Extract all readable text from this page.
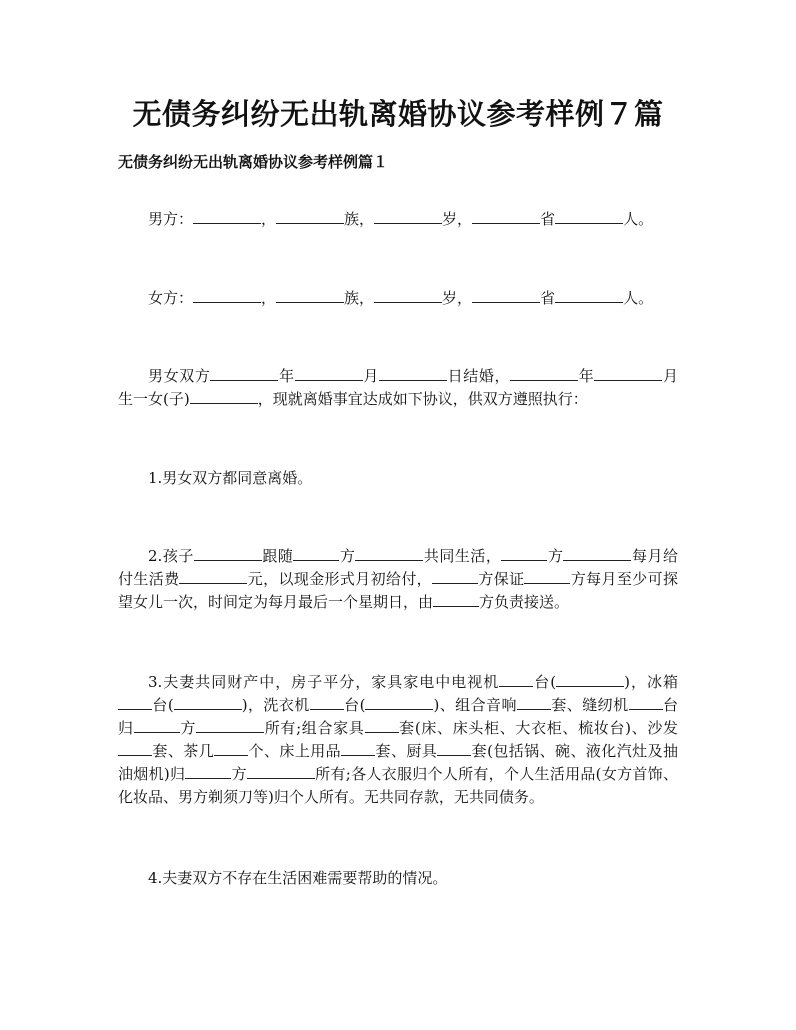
无债务纠纷无出轨离婚协议参考样例７篇
无债务纠纷无出轨离婚协议参考样例篇１

男方：	，	族，	岁，	省	人。

女方：	，	族，	岁，	省	人。

男女双方	年	月	日结婚，	年	月生一女(子)	，现就离婚事宜达成如下协议，供双方遵照执行：

1.男女双方都同意离婚。

2.孩子	跟随	方	共同生活，	方	每月给付生活费	元，以现金形式月初给付，	方保证	方每月至少可探望女儿一次，时间定为每月最后一个星期日，由	方负责接送。

3.夫妻共同财产中，房子平分，家具家电中电视机 台(	)，冰箱台(	)，洗衣机 台(	)、组合音响 套、缝纫机 台归	方	所有;组合家具 套(床、床头柜、大衣柜、梳妆台)、沙发套、茶几 个、床上用品 套、厨具 套(包括锅、碗、液化汽灶及抽油烟机)归	方	所有;各人衣服归个人所有，个人生活用品(女方首饰、化妆品、男方剃须刀等)归个人所有。无共同存款，无共同债务。

4.夫妻双方不存在生活困难需要帮助的情况。
